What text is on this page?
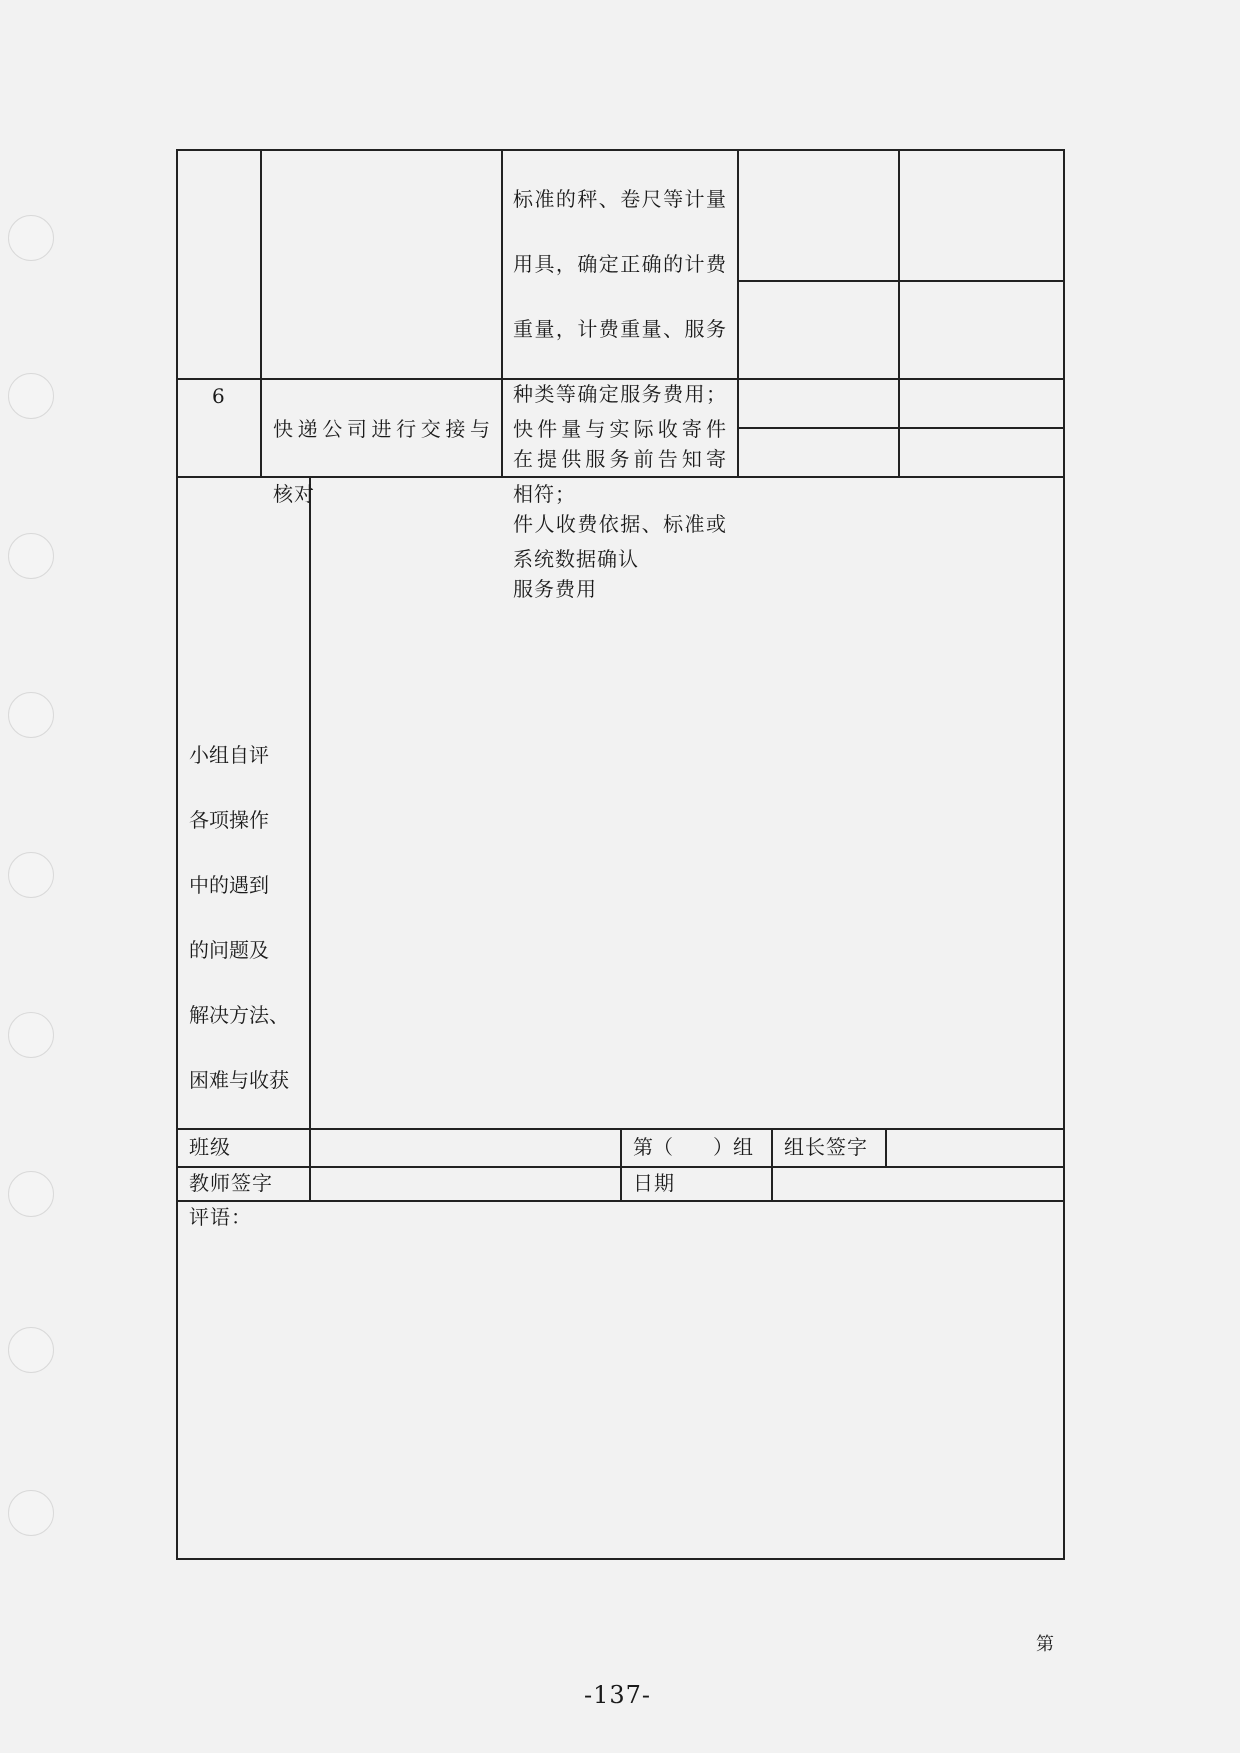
标准的秤、卷尺等计量

用具，确定正确的计费

重量，计费重量、服务

种类等确定服务费用；

在提供服务前告知寄

件人收费依据、标准或

服务费用

6

快递公司进行交接与

核对

快件量与实际收寄件

相符；

系统数据确认

小组自评

各项操作

中的遇到

的问题及

解决方法、

困难与收获

班级	第（　　）组 组长签字
教师签字	日期
评语：
第
-137-
